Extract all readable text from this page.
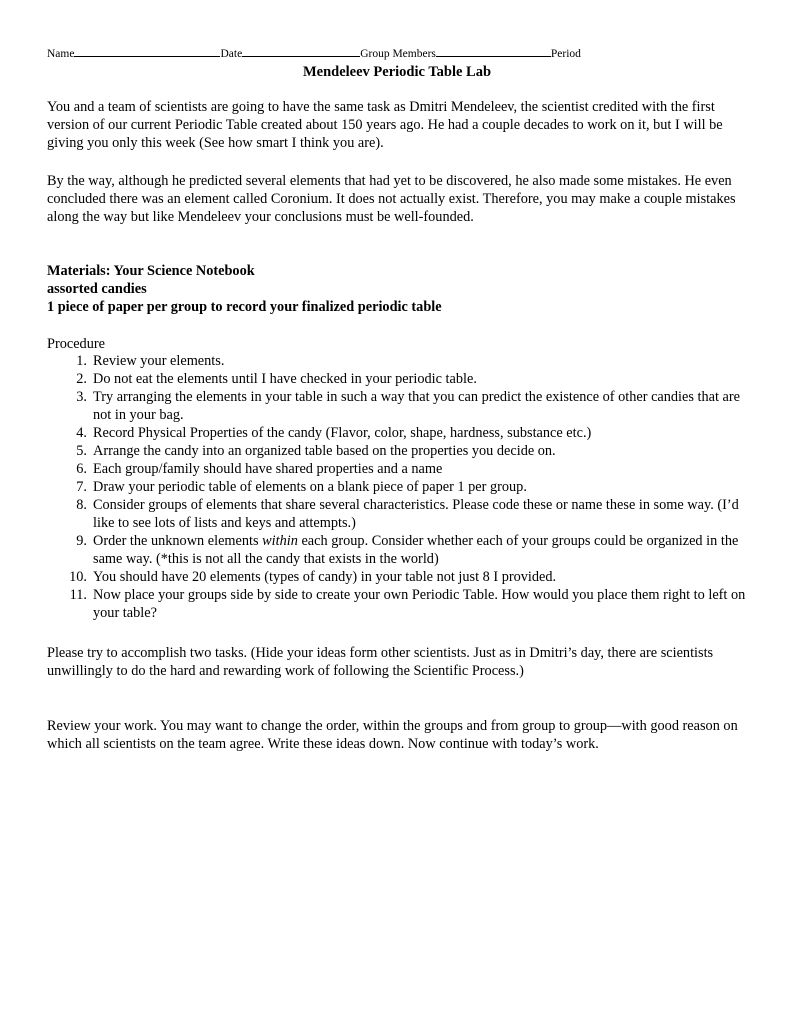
Name	Date	Group Members	Period
Mendeleev Periodic Table Lab

You and a team of scientists are going to have the same task as Dmitri Mendeleev, the scientist credited with the first version of our current Periodic Table created about 150 years ago. He had a couple decades to work on it, but I will be giving you only this week (See how smart I think you are).

By the way, although he predicted several elements that had yet to be discovered, he also made some mistakes. He even concluded there was an element called Coronium. It does not actually exist. Therefore, you may make a couple mistakes along the way but like Mendeleev your conclusions must be well-founded.

Materials: Your Science Notebook
assorted candies
1 piece of paper per group to record your finalized periodic table
Procedure
1. Review your elements.
2. Do not eat the elements until I have checked in your periodic table.
3. Try arranging the elements in your table in such a way that you can predict the existence of other candies that are not in your bag.
4. Record Physical Properties of the candy (Flavor, color, shape, hardness, substance etc.)
5. Arrange the candy into an organized table based on the properties you decide on.
6. Each group/family should have shared properties and a name
7. Draw your periodic table of elements on a blank piece of paper 1 per group.
8. Consider groups of elements that share several characteristics. Please code these or name these in some way. (I’d like to see lots of lists and keys and attempts.)
9. Order the unknown elements within each group. Consider whether each of your groups could be organized in the same way. (*this is not all the candy that exists in the world)
10. You should have 20 elements (types of candy) in your table not just 8 I provided.
11. Now place your groups side by side to create your own Periodic Table. How would you place them right to left on your table?

Please try to accomplish two tasks. (Hide your ideas form other scientists. Just as in Dmitri’s day, there are scientists unwillingly to do the hard and rewarding work of following the Scientific Process.)

Review your work. You may want to change the order, within the groups and from group to group—with good reason on which all scientists on the team agree. Write these ideas down. Now continue with today’s work.
